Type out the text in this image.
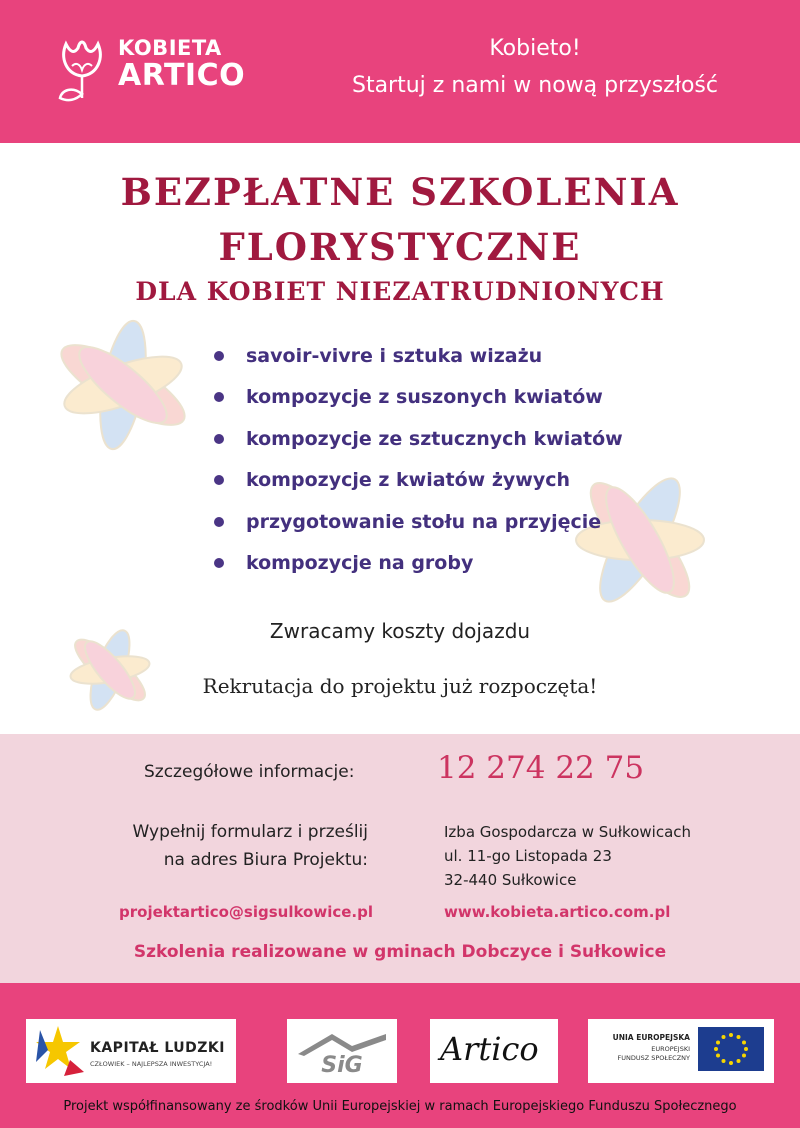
KOBIETA
ARTICO
Kobieto!
Startuj z nami w nową przyszłość
BEZPŁATNE SZKOLENIA
FLORYSTYCZNE
DLA KOBIET NIEZATRUDNIONYCH
savoir-vivre i sztuka wizażu
kompozycje z suszonych kwiatów
kompozycje ze sztucznych kwiatów
kompozycje z kwiatów żywych
przygotowanie stołu na przyjęcie
kompozycje na groby
Zwracamy koszty dojazdu
Rekrutacja do projektu już rozpoczęta!
Szczegółowe informacje:	12 274 22 75
Wypełnij formularz i prześlij
na adres Biura Projektu:
Izba Gospodarcza w Sułkowicach
ul. 11-go Listopada 23
32-440 Sułkowice
projektartico@sigsulkowice.pl	www.kobieta.artico.com.pl
Szkolenia realizowane w gminach Dobczyce i Sułkowice
KAPITAŁ LUDZKI
CZŁOWIEK – NAJLEPSZA INWESTYCJA!	SiG Artico	UNIA EUROPEJSKA
EUROPEJSKI
FUNDUSZ SPOŁECZNY
Projekt współfinansowany ze środków Unii Europejskiej w ramach Europejskiego Funduszu Społecznego
